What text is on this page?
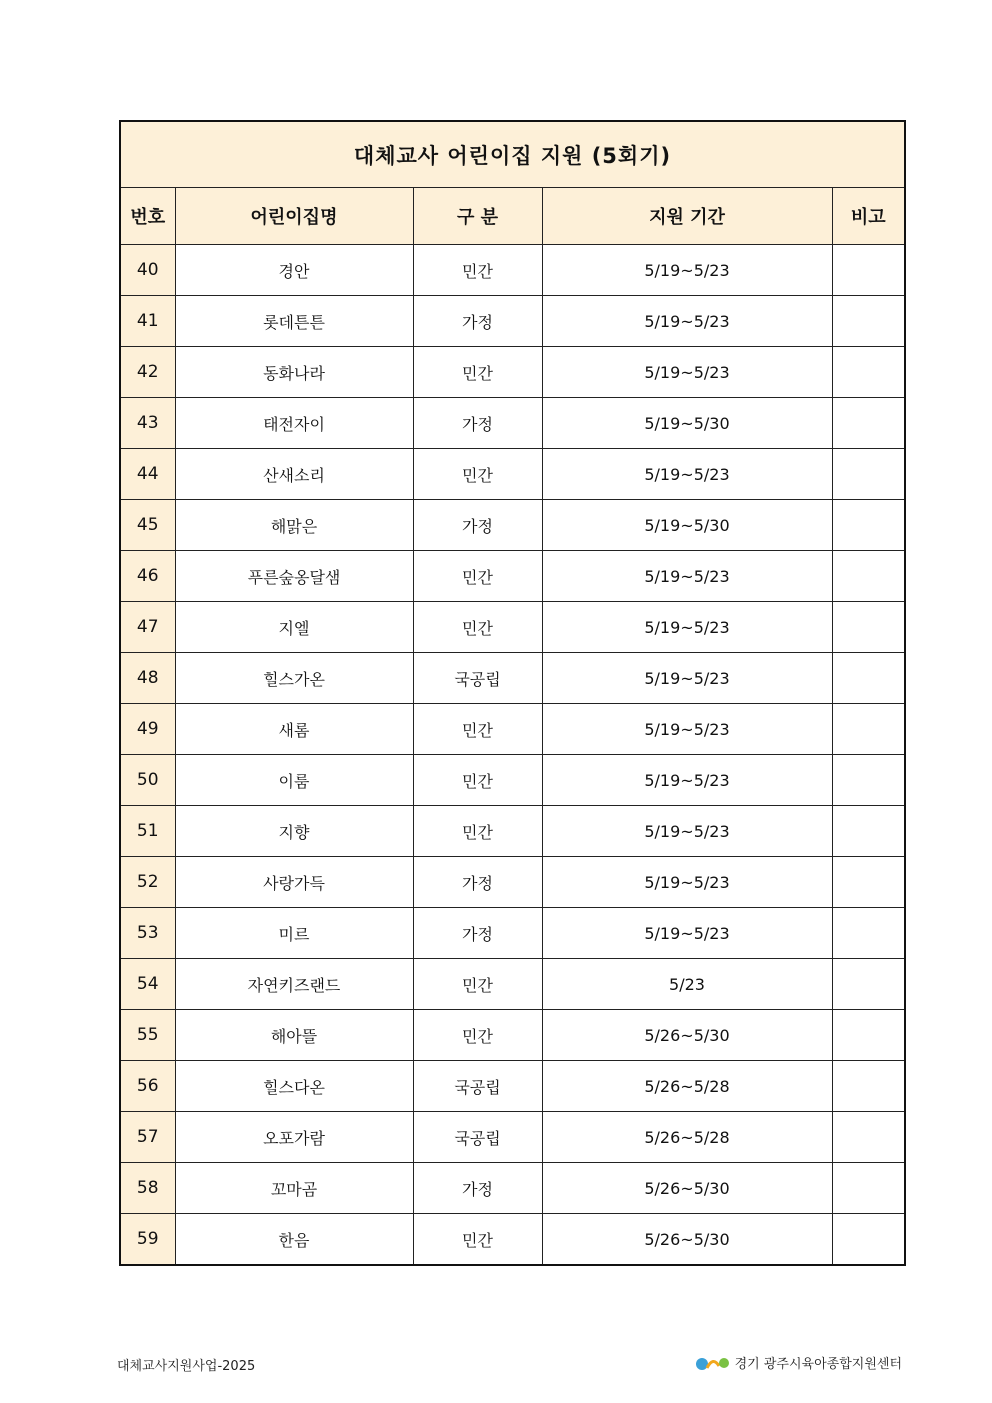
대체교사 어린이집 지원 (5회기)				
번호	어린이집명	구 분	지원 기간	비고
40	경안	민간	5/19~5/23	
41	롯데튼튼	가정	5/19~5/23	
42	동화나라	민간	5/19~5/23	
43	태전자이	가정	5/19~5/30	
44	산새소리	민간	5/19~5/23	
45	해맑은	가정	5/19~5/30	
46	푸른숲옹달샘	민간	5/19~5/23	
47	지엘	민간	5/19~5/23	
48	힐스가온	국공립	5/19~5/23	
49	새롬	민간	5/19~5/23	
50	이룸	민간	5/19~5/23	
51	지향	민간	5/19~5/23	
52	사랑가득	가정	5/19~5/23	
53	미르	가정	5/19~5/23	
54	자연키즈랜드	민간	5/23	
55	해아뜰	민간	5/26~5/30	
56	힐스다온	국공립	5/26~5/28	
57	오포가람	국공립	5/26~5/28	
58	꼬마곰	가정	5/26~5/30	
59	한음	민간	5/26~5/30	
대체교사지원사업-2025	경기 광주시육아종합지원센터
